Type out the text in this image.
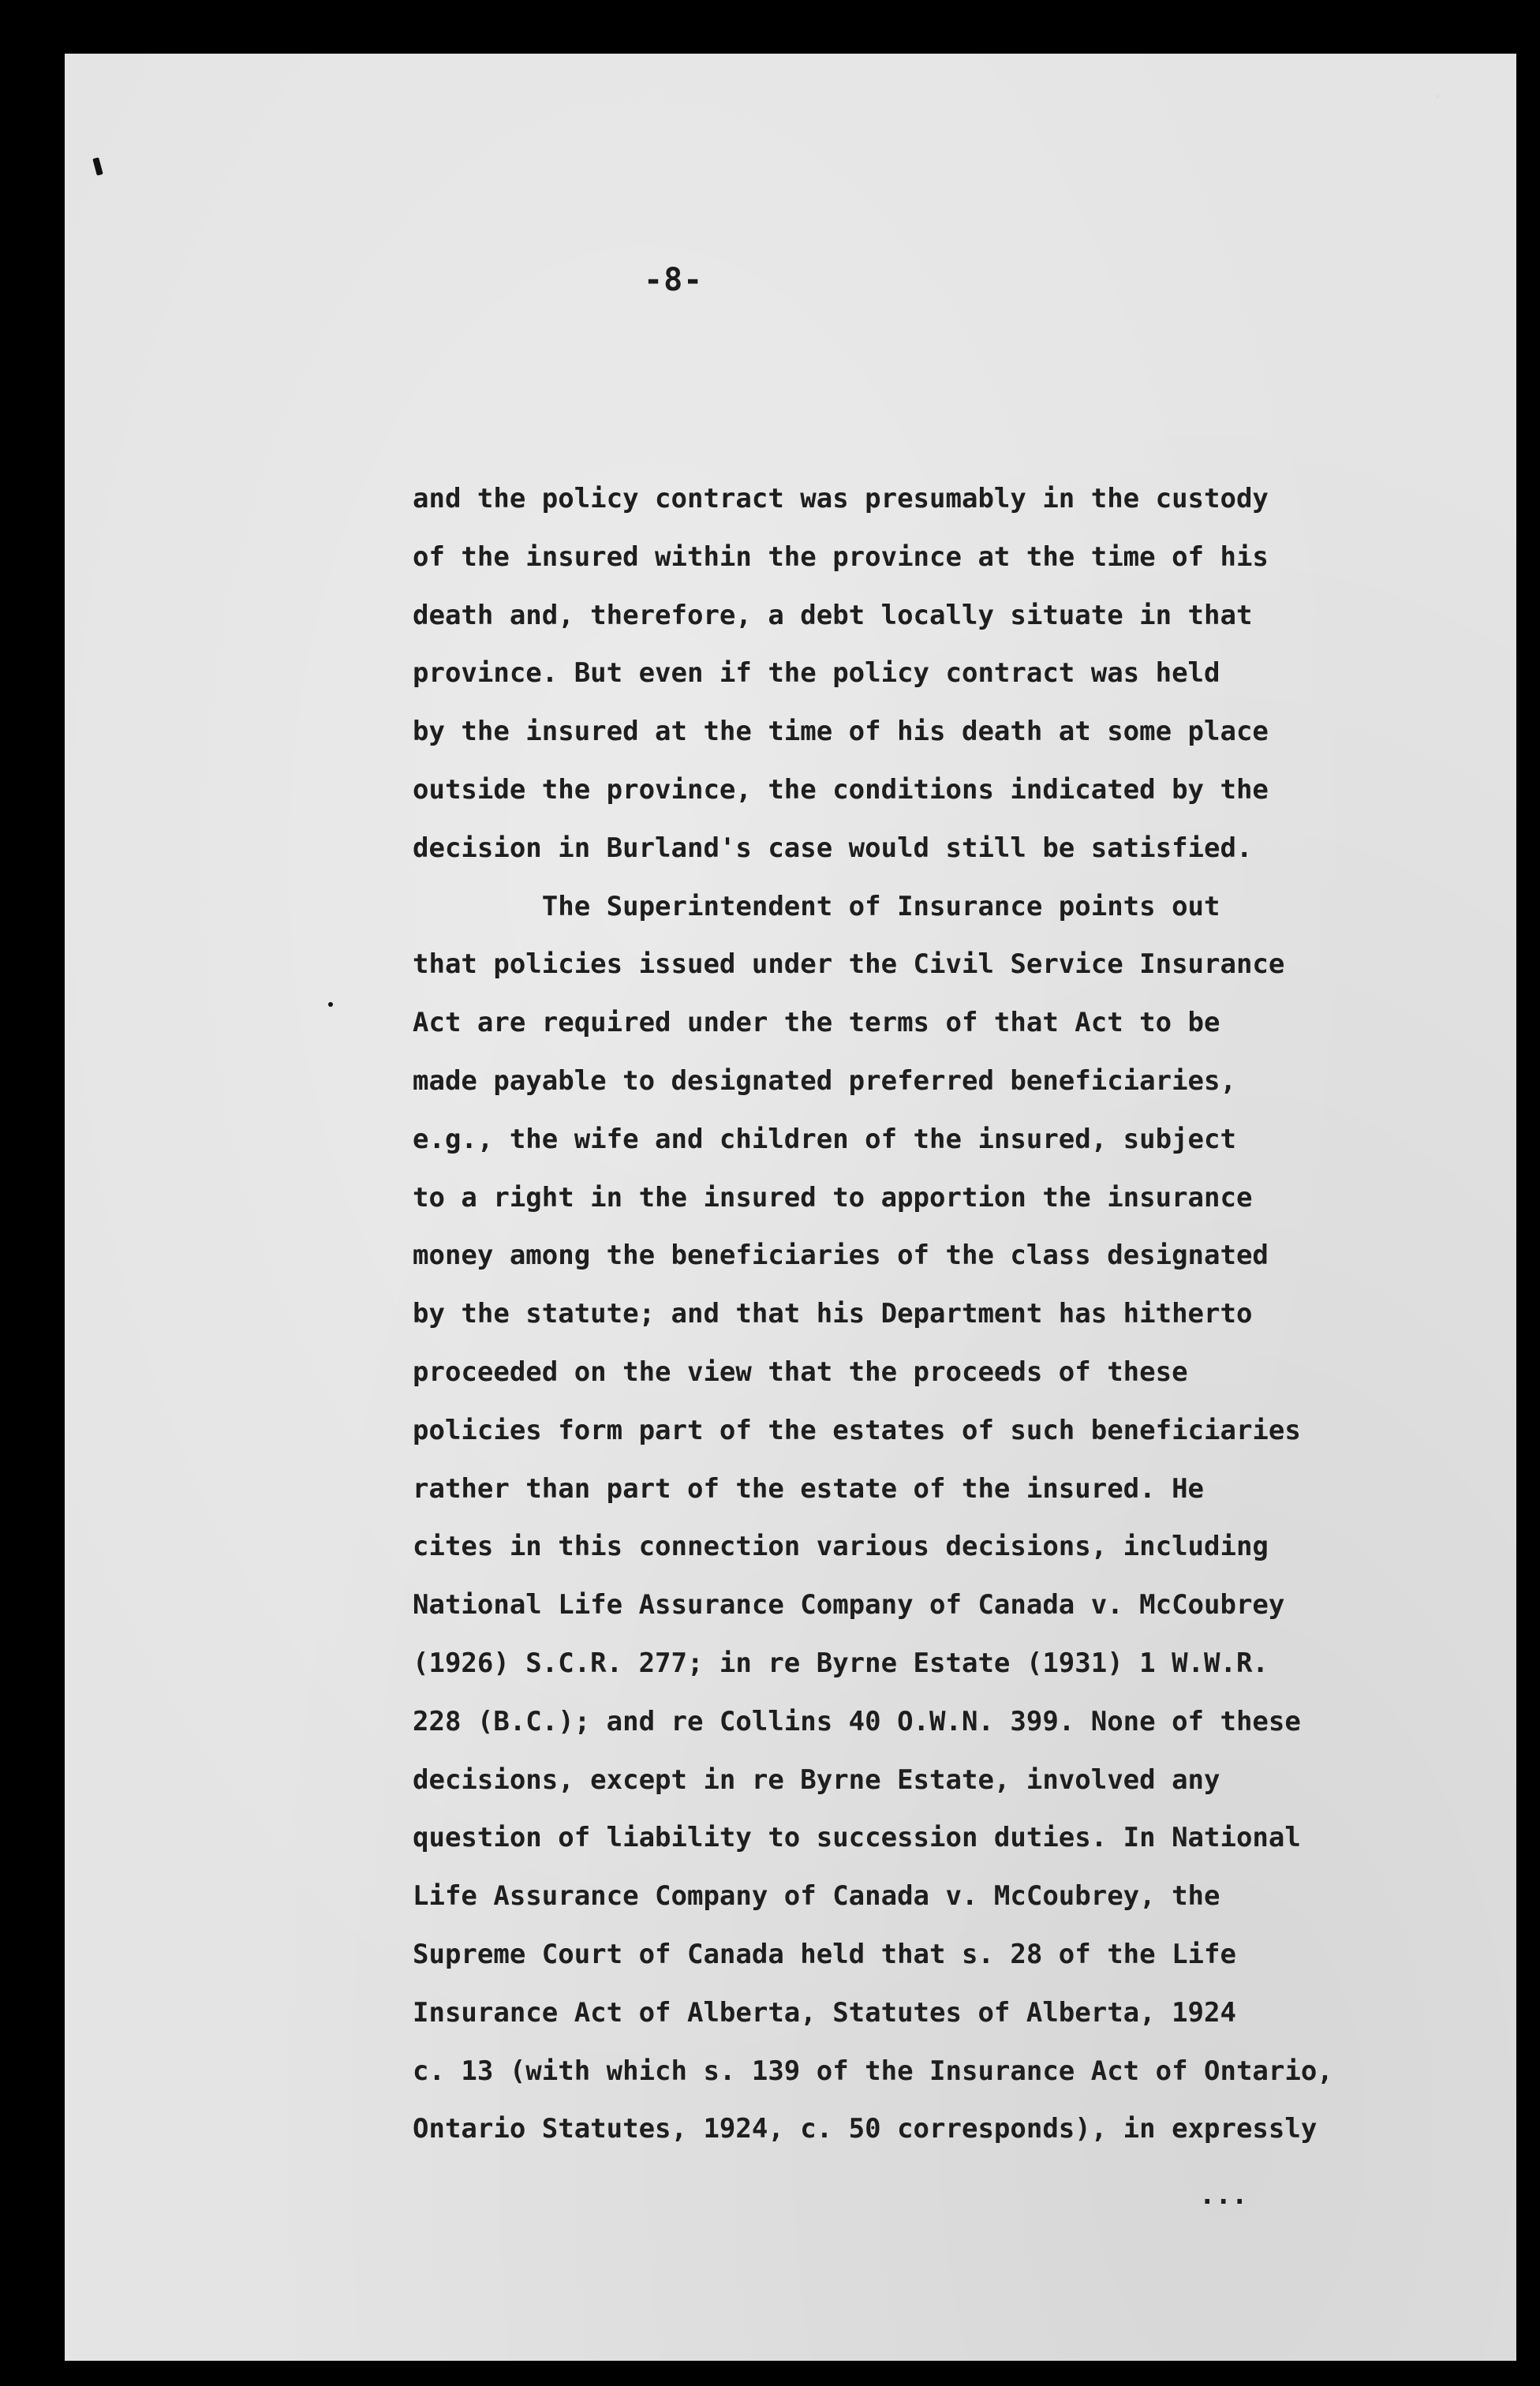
-8-
and the policy contract was presumably in the custody
of the insured within the province at the time of his
death and, therefore, a debt locally situate in that
province. But even if the policy contract was held
by the insured at the time of his death at some place
outside the province, the conditions indicated by the
decision in Burland's case would still be satisfied.
The Superintendent of Insurance points out
that policies issued under the Civil Service Insurance
Act are required under the terms of that Act to be
made payable to designated preferred beneficiaries,
e.g., the wife and children of the insured, subject
to a right in the insured to apportion the insurance
money among the beneficiaries of the class designated
by the statute; and that his Department has hitherto
proceeded on the view that the proceeds of these
policies form part of the estates of such beneficiaries
rather than part of the estate of the insured. He
cites in this connection various decisions, including
National Life Assurance Company of Canada v. McCoubrey
(1926) S.C.R. 277; in re Byrne Estate (1931) 1 W.W.R.
228 (B.C.); and re Collins 40 O.W.N. 399. None of these
decisions, except in re Byrne Estate, involved any
question of liability to succession duties. In National
Life Assurance Company of Canada v. McCoubrey, the
Supreme Court of Canada held that s. 28 of the Life
Insurance Act of Alberta, Statutes of Alberta, 1924
c. 13 (with which s. 139 of the Insurance Act of Ontario,
Ontario Statutes, 1924, c. 50 corresponds), in expressly
...
